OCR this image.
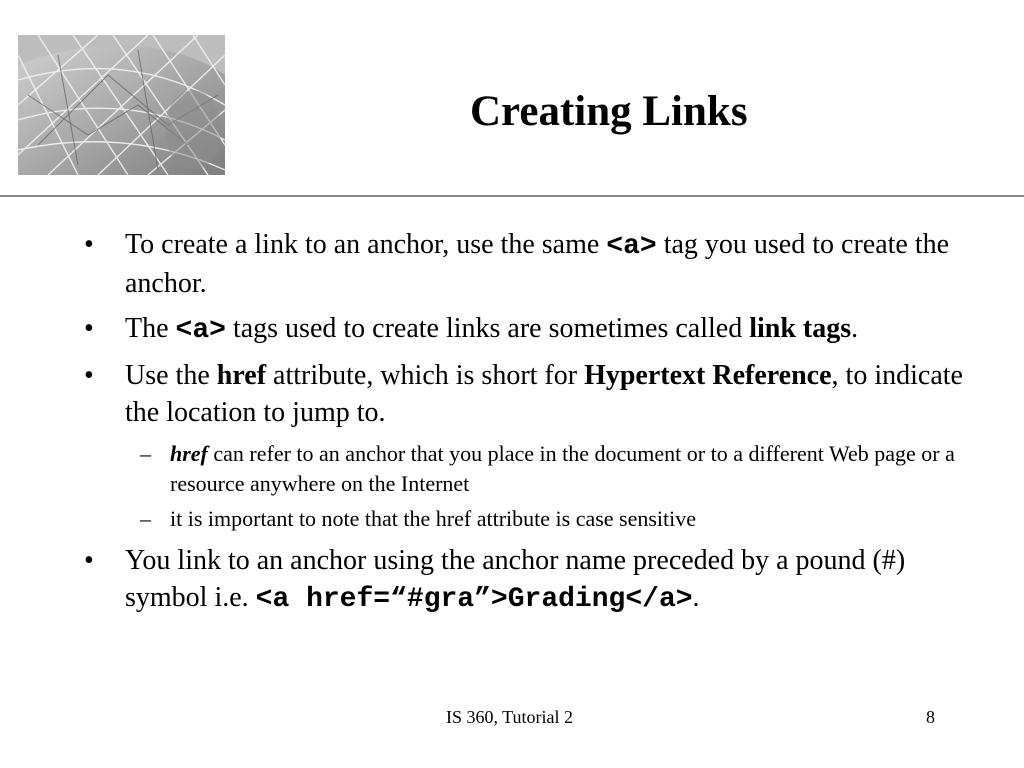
Creating Links
• To create a link to an anchor, use the same <a> tag you used to create the anchor.
• The <a> tags used to create links are sometimes called link tags.
• Use the href attribute, which is short for Hypertext Reference, to indicate the location to jump to.
– href can refer to an anchor that you place in the document or to a different Web page or a resource anywhere on the Internet
– it is important to note that the href attribute is case sensitive
• You link to an anchor using the anchor name preceded by a pound (#) symbol i.e. <a href=“#gra”>Grading</a>.
IS 360, Tutorial 2	8
